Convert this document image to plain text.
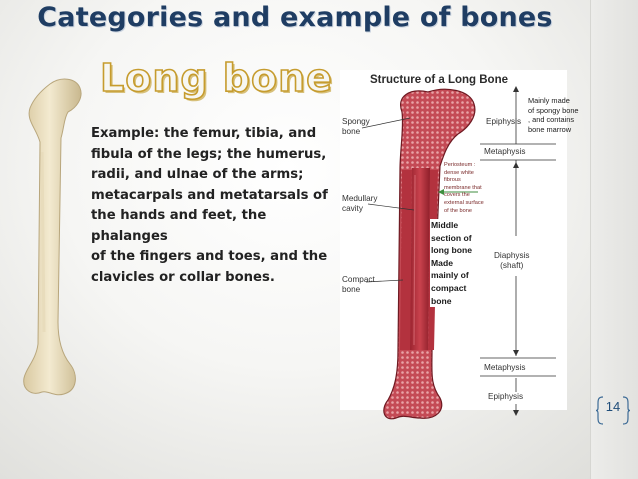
Categories and example of bones
Long bone
Example: the femur, tibia, and
fibula of the legs; the humerus,
radii, and ulnae of the arms;
metacarpals and metatarsals of
the hands and feet, the phalanges
of the fingers and toes, and the
clavicles or collar bones.
Structure of a Long Bone
Spongy
bone
Medullary
cavity
Compact
bone
Epiphysis
Metaphysis
Diaphysis
(shaft)
Metaphysis
Epiphysis
Mainly made
of spongy bone
, and contains
bone marrow
Periosteum :
dense white
fibrous
membrane that
covers the
external surface
of the bone
Middle
section of
long bone
Made
mainly of
compact
bone
14
